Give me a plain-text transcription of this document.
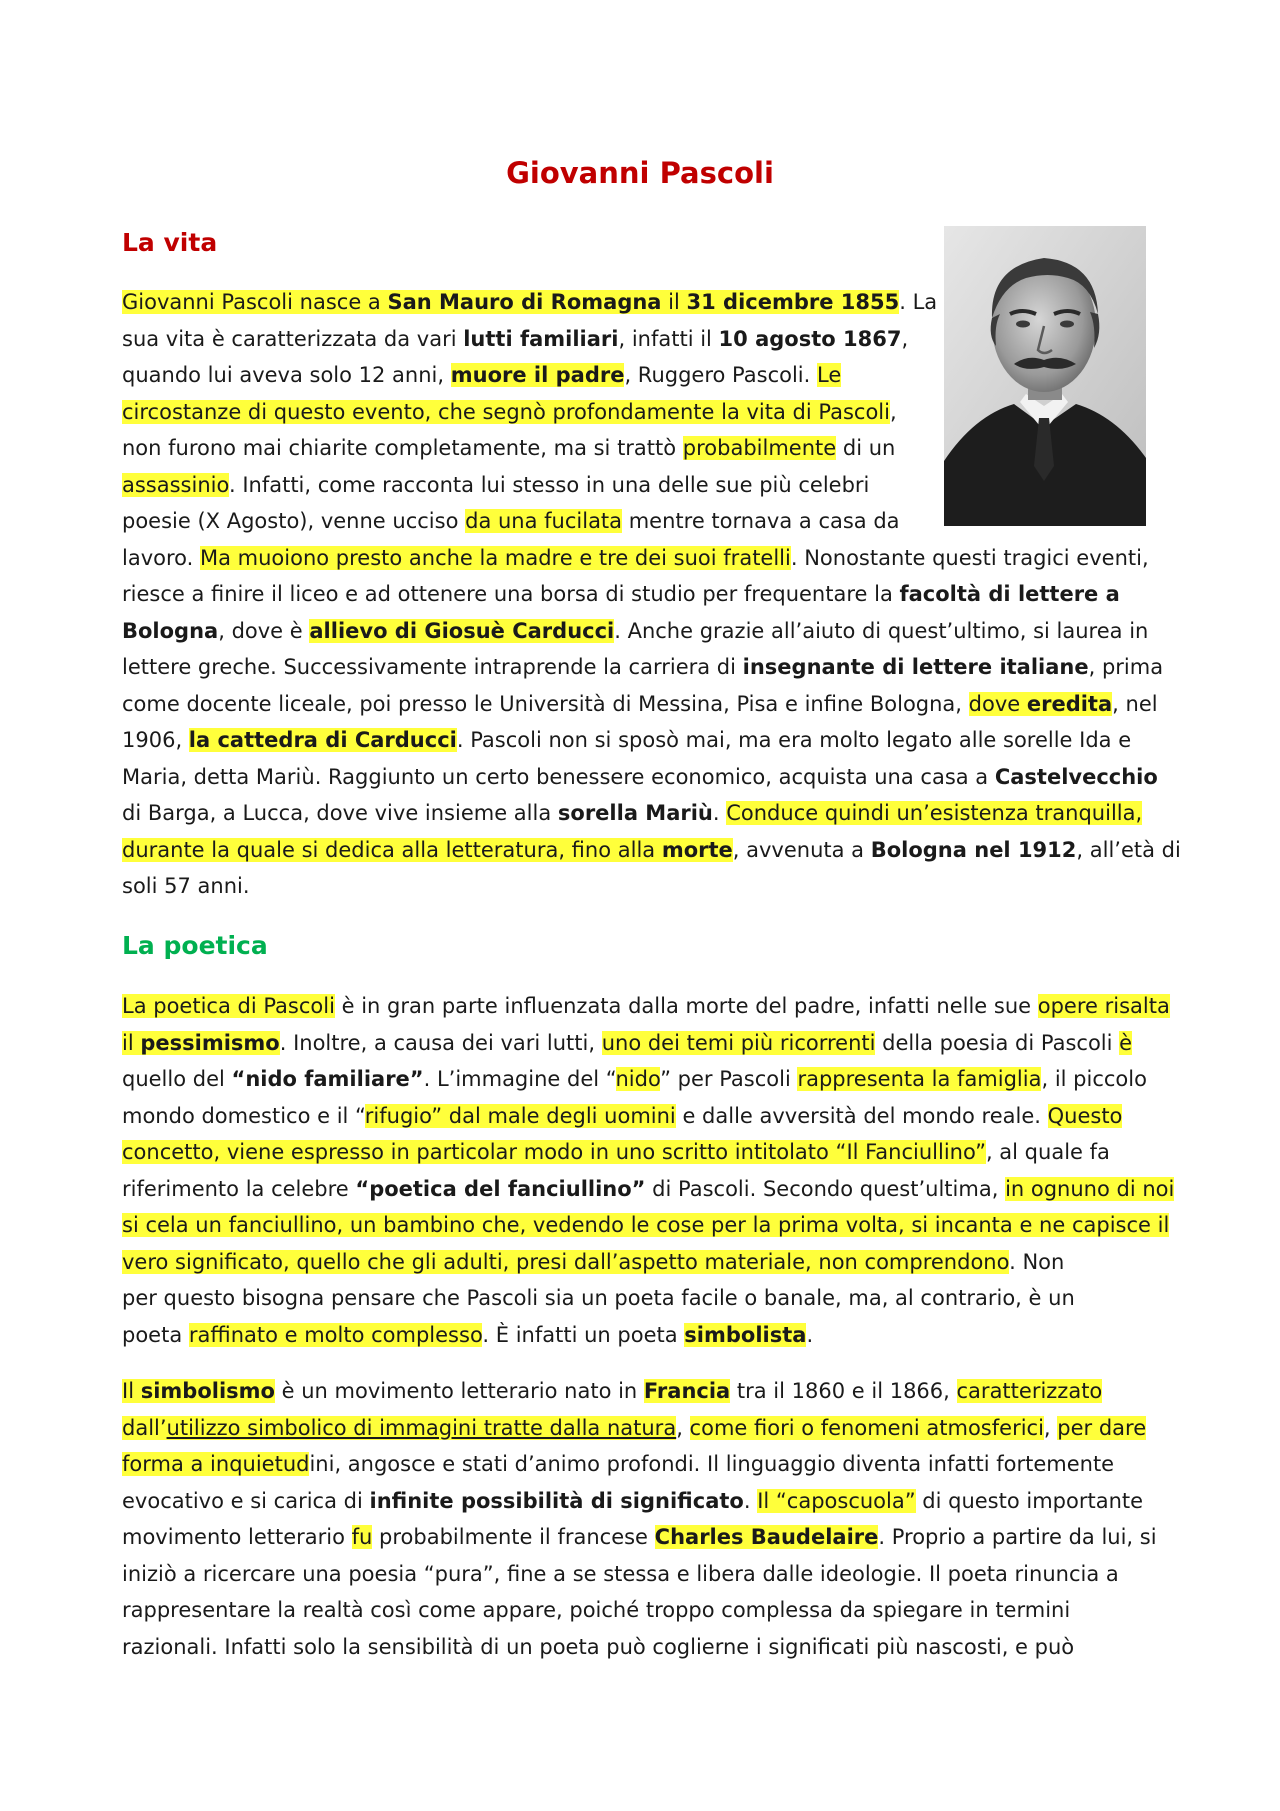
Giovanni Pascoli
La vita
Giovanni Pascoli nasce a San Mauro di Romagna il 31 dicembre 1855. La
sua vita è caratterizzata da vari lutti familiari, infatti il 10 agosto 1867,
quando lui aveva solo 12 anni, muore il padre, Ruggero Pascoli. Le
circostanze di questo evento, che segnò profondamente la vita di Pascoli,
non furono mai chiarite completamente, ma si trattò probabilmente di un
assassinio. Infatti, come racconta lui stesso in una delle sue più celebri
poesie (X Agosto), venne ucciso da una fucilata mentre tornava a casa da
lavoro. Ma muoiono presto anche la madre e tre dei suoi fratelli. Nonostante questi tragici eventi,
riesce a finire il liceo e ad ottenere una borsa di studio per frequentare la facoltà di lettere a
Bologna, dove è allievo di Giosuè Carducci. Anche grazie all’aiuto di quest’ultimo, si laurea in
lettere greche. Successivamente intraprende la carriera di insegnante di lettere italiane, prima
come docente liceale, poi presso le Università di Messina, Pisa e infine Bologna, dove eredita, nel
1906, la cattedra di Carducci. Pascoli non si sposò mai, ma era molto legato alle sorelle Ida e
Maria, detta Mariù. Raggiunto un certo benessere economico, acquista una casa a Castelvecchio
di Barga, a Lucca, dove vive insieme alla sorella Mariù. Conduce quindi un’esistenza tranquilla,
durante la quale si dedica alla letteratura, fino alla morte, avvenuta a Bologna nel 1912, all’età di
soli 57 anni.
La poetica
La poetica di Pascoli è in gran parte influenzata dalla morte del padre, infatti nelle sue opere risalta
il pessimismo. Inoltre, a causa dei vari lutti, uno dei temi più ricorrenti della poesia di Pascoli è
quello del “nido familiare”. L’immagine del “nido” per Pascoli rappresenta la famiglia, il piccolo
mondo domestico e il “rifugio” dal male degli uomini e dalle avversità del mondo reale. Questo
concetto, viene espresso in particolar modo in uno scritto intitolato “Il Fanciullino”, al quale fa
riferimento la celebre “poetica del fanciullino” di Pascoli. Secondo quest’ultima, in ognuno di noi
si cela un fanciullino, un bambino che, vedendo le cose per la prima volta, si incanta e ne capisce il
vero significato, quello che gli adulti, presi dall’aspetto materiale, non comprendono. Non
per questo bisogna pensare che Pascoli sia un poeta facile o banale, ma, al contrario, è un
poeta raffinato e molto complesso. È infatti un poeta simbolista.
Il simbolismo è un movimento letterario nato in Francia tra il 1860 e il 1866, caratterizzato
dall’utilizzo simbolico di immagini tratte dalla natura, come fiori o fenomeni atmosferici, per dare
forma a inquietudini, angosce e stati d’animo profondi. Il linguaggio diventa infatti fortemente
evocativo e si carica di infinite possibilità di significato. Il “caposcuola” di questo importante
movimento letterario fu probabilmente il francese Charles Baudelaire. Proprio a partire da lui, si
iniziò a ricercare una poesia “pura”, fine a se stessa e libera dalle ideologie. Il poeta rinuncia a
rappresentare la realtà così come appare, poiché troppo complessa da spiegare in termini
razionali. Infatti solo la sensibilità di un poeta può coglierne i significati più nascosti, e può
